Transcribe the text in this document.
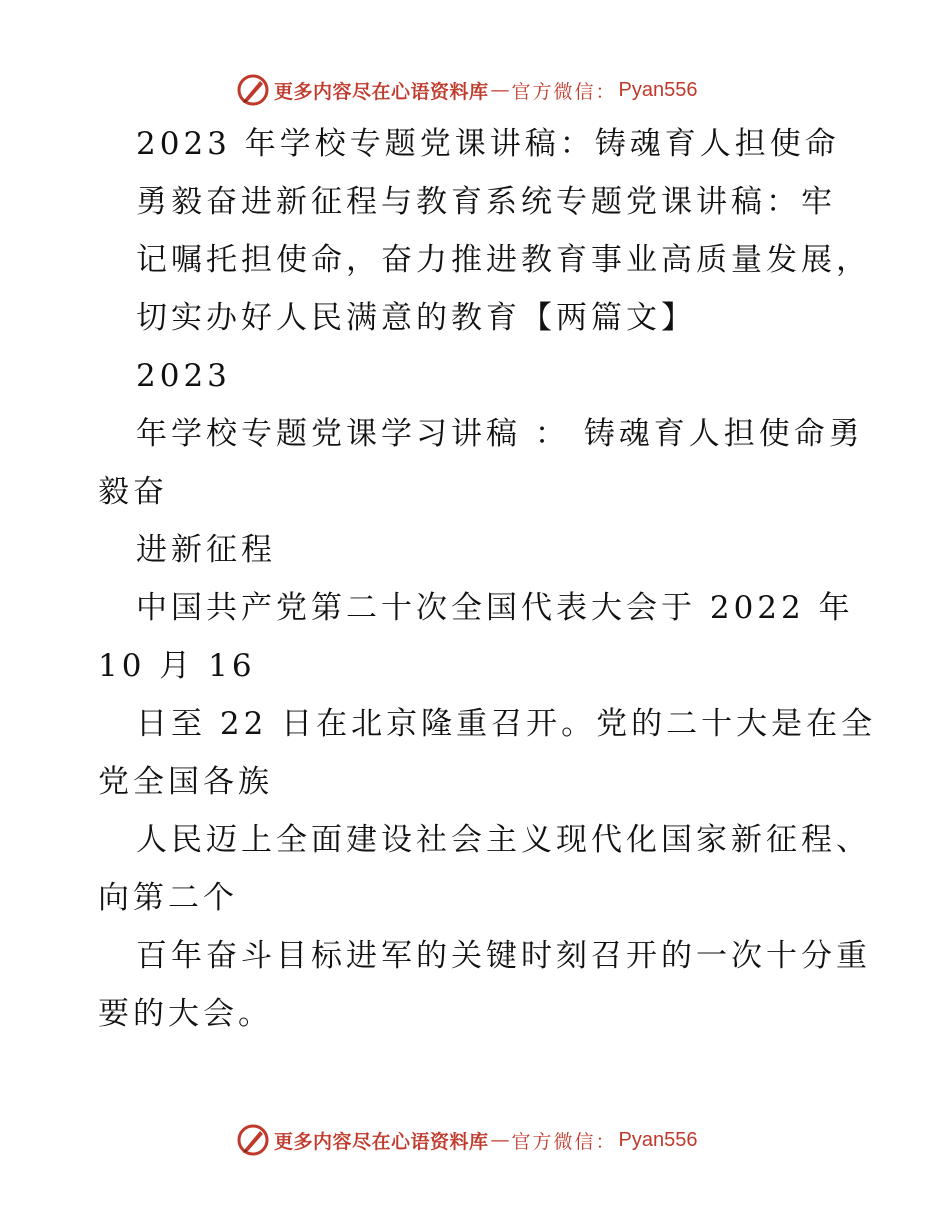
更多内容尽在心语资料库 — 官方微信： Pyan556
2023 年学校专题党课讲稿：铸魂育人担使命
勇毅奋进新征程与教育系统专题党课讲稿：牢
记嘱托担使命，奋力推进教育事业高质量发展，
切实办好人民满意的教育【两篇文】
2023
年学校专题党课学习讲稿 ： 铸魂育人担使命勇
毅奋
进新征程
中国共产党第二十次全国代表大会于 2022 年
10 月 16
日至 22 日在北京隆重召开。党的二十大是在全
党全国各族
人民迈上全面建设社会主义现代化国家新征程、
向第二个
百年奋斗目标进军的关键时刻召开的一次十分重
要的大会。
更多内容尽在心语资料库 — 官方微信： Pyan556
